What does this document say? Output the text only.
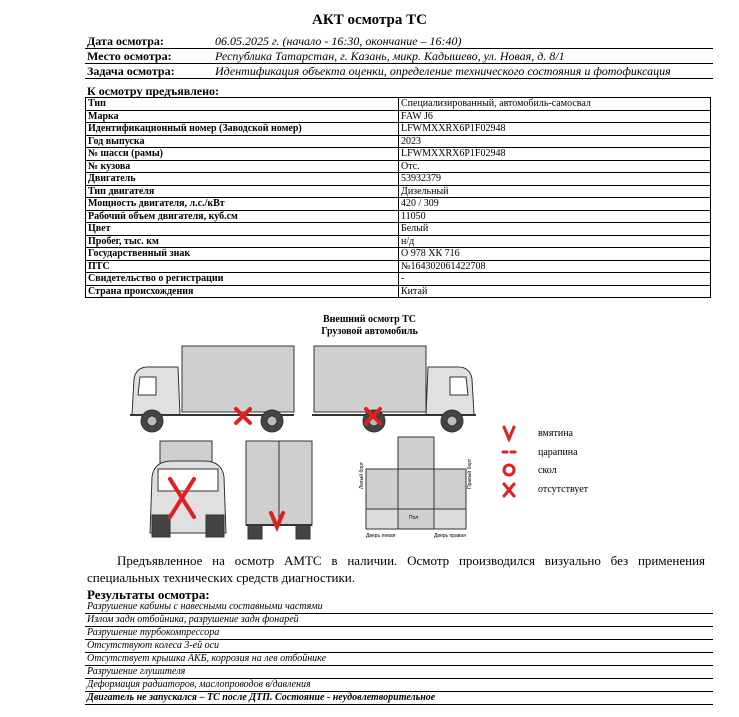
АКТ осмотра ТС
Дата осмотра:	06.05.2025 г. (начало - 16:30, окончание – 16:40)
Место осмотра:	Республика Татарстан, г. Казань, микр. Кадышево, ул. Новая, д. 8/1
Задача осмотра:	Идентификация объекта оценки, определение технического состояния и фотофиксация
К осмотру предъявлено:
Тип	Специализированный, автомобиль-самосвал
Марка	FAW J6
Идентификационный номер (Заводской номер)	LFWMXXRX6P1F02948
Год выпуска	2023
№ шасси (рамы)	LFWMXXRX6P1F02948
№ кузова	Отс.
Двигатель	53932379
Тип двигателя	Дизельный
Мощность двигателя, л.с./кВт	420 / 309
Рабочий объем двигателя, куб.см	11050
Цвет	Белый
Пробег, тыс. км	н/д
Государственный знак	О 978 ХК 716
ПТС	№164302061422708
Свидетельство о регистрации	-
Страна происхождения	Китай
Внешний осмотр ТС
Грузовой автомобиль
Левый борт	Правый борт
Пол
Дверь левая	Дверь правая
вмятина
царапина
скол
отсутствует
Предъявленное на осмотр АМТС в наличии. Осмотр производился визуально без применения специальных технических средств диагностики.
Результаты осмотра:
Разрушение кабины с навесными составными частями
Излом задн отбойника, разрушение задн фонарей
Разрушение турбокомпрессора
Отсутствуют колеса 3-ей оси
Отсутствует крышка АКБ, коррозия на лев отбойнике
Разрушение глушителя
Деформация радиаторов, маслопроводов в/давления
Двигатель не запускался – ТС после ДТП. Состояние - неудовлетворительное
